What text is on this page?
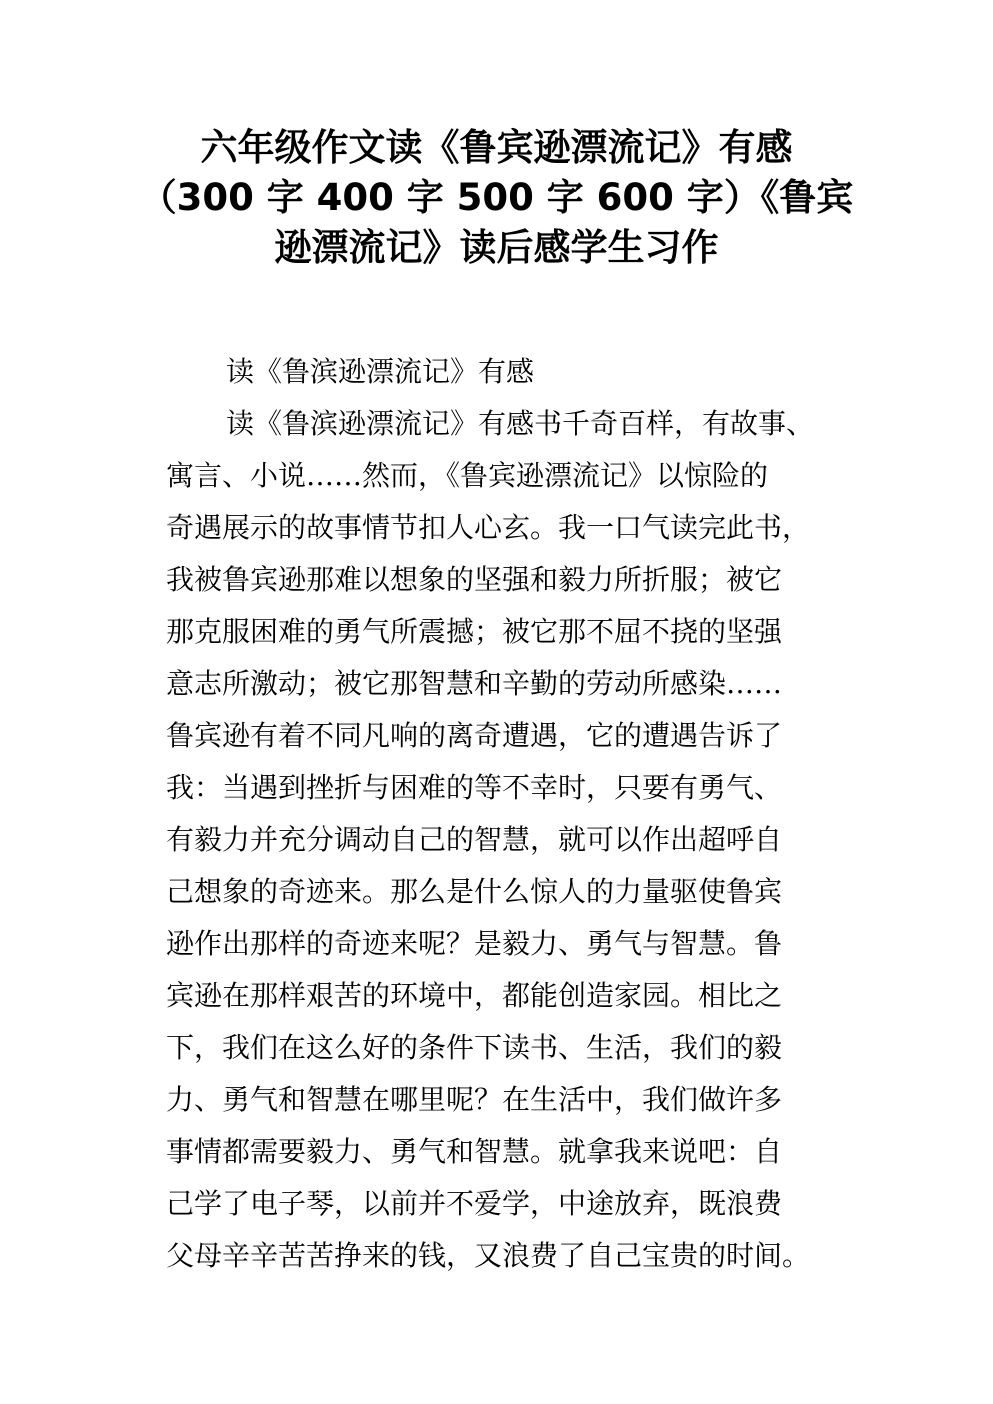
六年级作文读《鲁宾逊漂流记》有感
（300 字 400 字 500 字 600 字）《鲁宾
逊漂流记》读后感学生习作
读《鲁滨逊漂流记》有感
读《鲁滨逊漂流记》有感书千奇百样，有故事、
寓言、小说……然而，《鲁宾逊漂流记》以惊险的
奇遇展示的故事情节扣人心玄。我一口气读完此书，
我被鲁宾逊那难以想象的坚强和毅力所折服；被它
那克服困难的勇气所震撼；被它那不屈不挠的坚强
意志所激动；被它那智慧和辛勤的劳动所感染……
鲁宾逊有着不同凡响的离奇遭遇，它的遭遇告诉了
我：当遇到挫折与困难的等不幸时，只要有勇气、
有毅力并充分调动自己的智慧，就可以作出超呼自
己想象的奇迹来。那么是什么惊人的力量驱使鲁宾
逊作出那样的奇迹来呢？是毅力、勇气与智慧。鲁
宾逊在那样艰苦的环境中，都能创造家园。相比之
下，我们在这么好的条件下读书、生活，我们的毅
力、勇气和智慧在哪里呢？在生活中，我们做许多
事情都需要毅力、勇气和智慧。就拿我来说吧：自
己学了电子琴，以前并不爱学，中途放弃，既浪费
父母辛辛苦苦挣来的钱，又浪费了自己宝贵的时间。
